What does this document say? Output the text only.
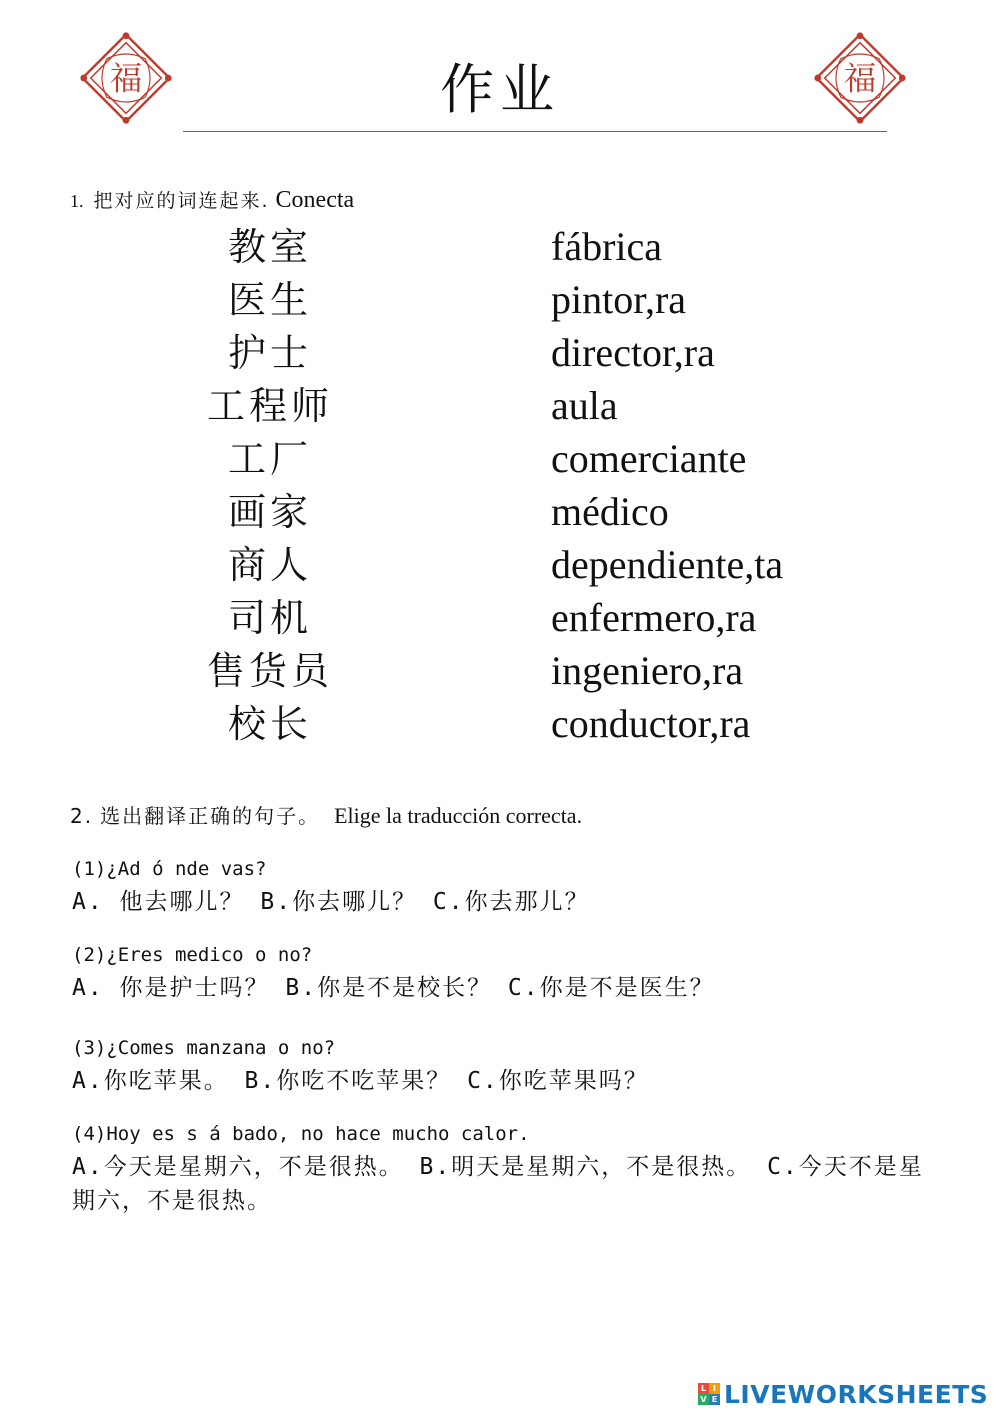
福	福
作业
1. 把对应的词连起来. Conecta
教室	fábrica
医生	pintor,ra
护士	director,ra
工程师	aula
工厂	comerciante
画家	médico
商人	dependiente,ta
司机	enfermero,ra
售货员	ingeniero,ra
校长	conductor,ra
2. 选出翻译正确的句子。 Elige la traducción correcta.
(1)¿Ad ó nde vas?
A. 他去哪儿？ B.你去哪儿？ C.你去那儿？
(2)¿Eres medico o no?
A. 你是护士吗？ B.你是不是校长？ C.你是不是医生？
(3)¿Comes manzana o no?
A.你吃苹果。 B.你吃不吃苹果？ C.你吃苹果吗？
(4)Hoy es s á bado, no hace mucho calor.
A.今天是星期六，不是很热。 B.明天是星期六，不是很热。 C.今天不是星期六，不是很热。
L I
V E LIVEWORKSHEETS
